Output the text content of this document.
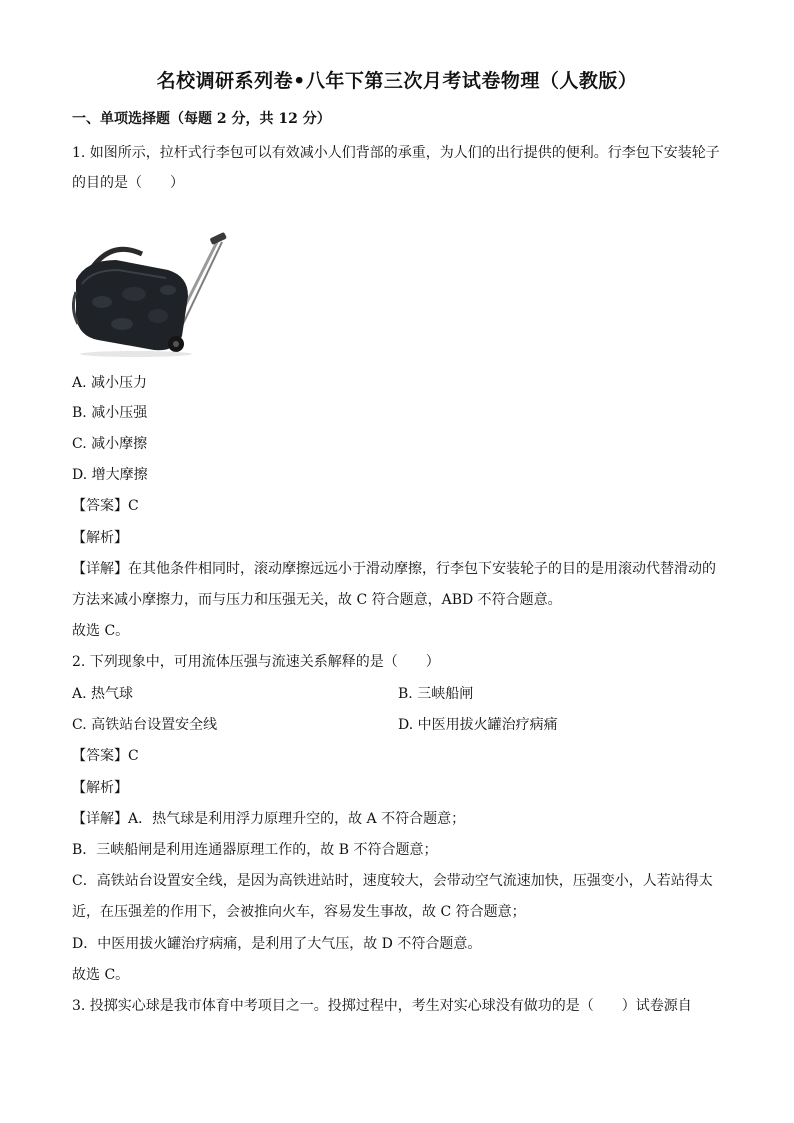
名校调研系列卷•八年下第三次月考试卷物理（人教版）
一、单项选择题（每题 2 分，共 12 分）
1. 如图所示，拉杆式行李包可以有效减小人们背部的承重，为人们的出行提供的便利。行李包下安装轮子
的目的是（　　）
A. 减小压力
B. 减小压强
C. 减小摩擦
D. 增大摩擦
【答案】C
【解析】
【详解】在其他条件相同时，滚动摩擦远远小于滑动摩擦，行李包下安装轮子的目的是用滚动代替滑动的
方法来减小摩擦力，而与压力和压强无关，故 C 符合题意，ABD 不符合题意。
故选 C。
2. 下列现象中，可用流体压强与流速关系解释的是（　　）
A. 热气球	B. 三峡船闸
C. 高铁站台设置安全线	D. 中医用拔火罐治疗病痛
【答案】C
【解析】
【详解】A．热气球是利用浮力原理升空的，故 A 不符合题意；
B．三峡船闸是利用连通器原理工作的，故 B 不符合题意；
C．高铁站台设置安全线，是因为高铁进站时，速度较大，会带动空气流速加快，压强变小，人若站得太
近，在压强差的作用下，会被推向火车，容易发生事故，故 C 符合题意；
D．中医用拔火罐治疗病痛，是利用了大气压，故 D 不符合题意。
故选 C。
3. 投掷实心球是我市体育中考项目之一。投掷过程中，考生对实心球没有做功的是（　　）试卷源自
